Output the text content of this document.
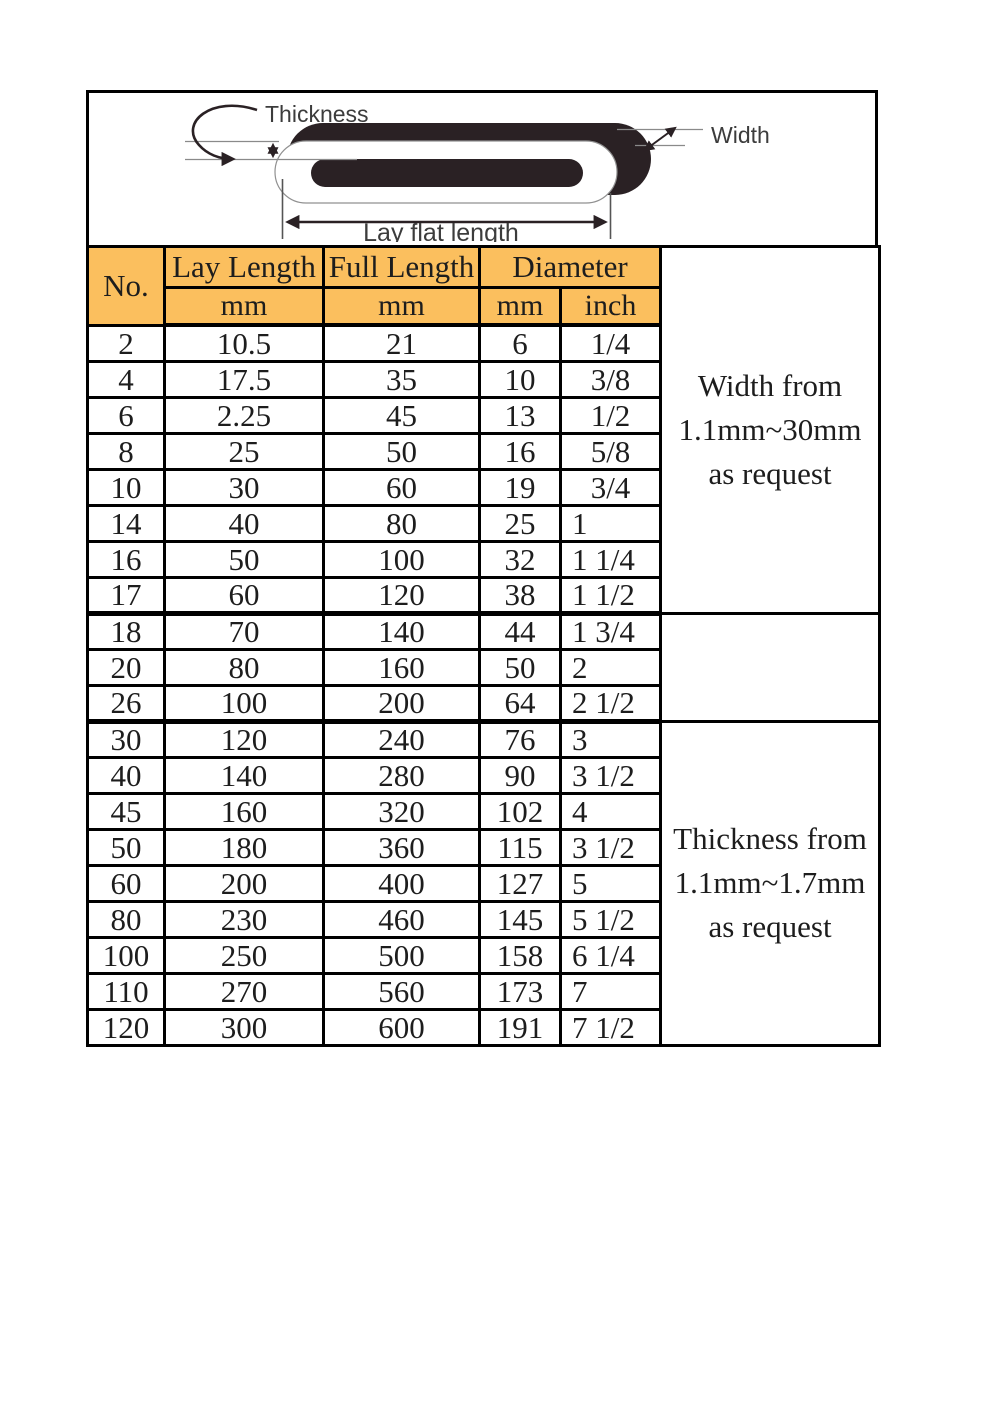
Thickness
Width
Lay flat length
No.	Lay Length	Full Length	Diameter		Width from
1.1mm~30mm
as request

	mm	mm	mm	inch	
2	10.5	21	6	1/4	
4	17.5	35	10	3/8	
6	2.25	45	13	1/2	
8	25	50	16	5/8	
10	30	60	19	3/4	
14	40	80	25	1	
16	50	100	32	1 1/4	
17	60	120	38	1 1/2	
18	70	140	44	1 3/4	
20	80	160	50	2	
26	100	200	64	2 1/2	
30	120	240	76	3	Thickness from
1.1mm~1.7mm
as request

40	140	280	90	3 1/2	
45	160	320	102	4	
50	180	360	115	3 1/2	
60	200	400	127	5	
80	230	460	145	5 1/2	
100	250	500	158	6 1/4	
110	270	560	173	7	
120	300	600	191	7 1/2	
